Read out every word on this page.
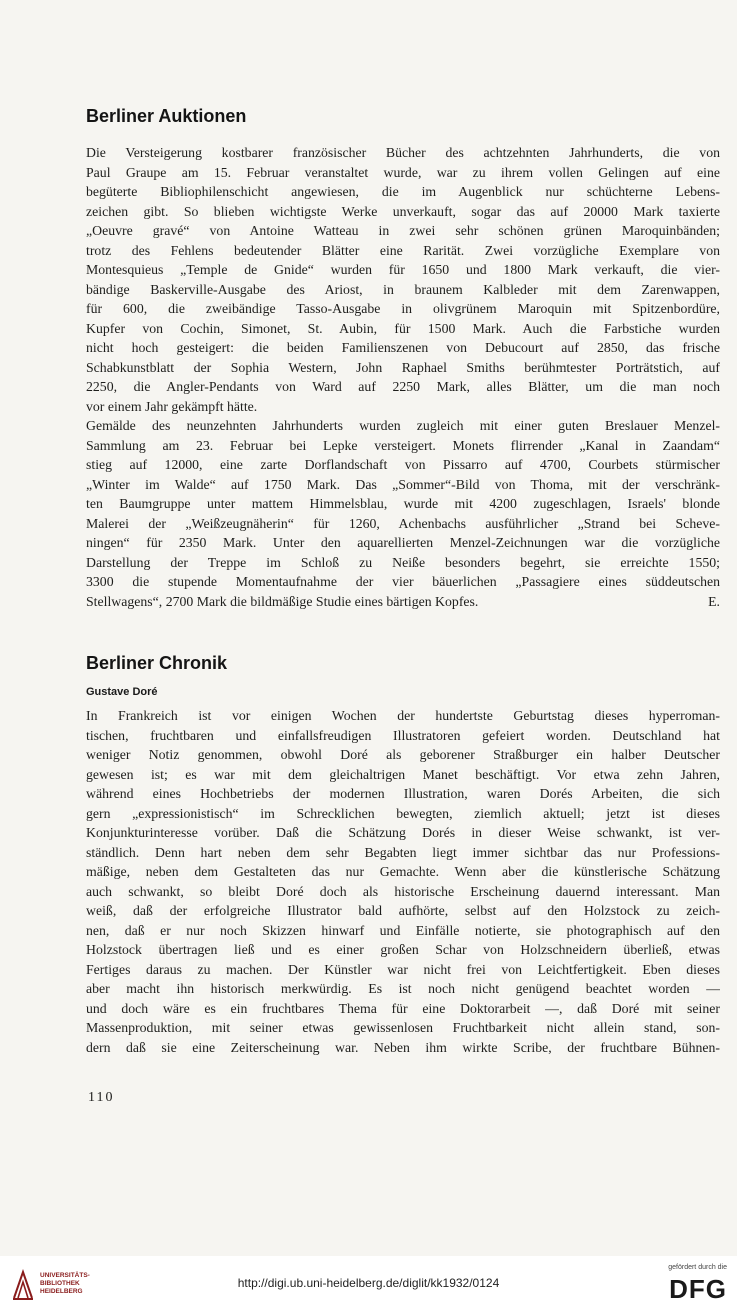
Berliner Auktionen
Die Versteigerung kostbarer französischer Bücher des achtzehnten Jahrhunderts, die von
Paul Graupe am 15. Februar veranstaltet wurde, war zu ihrem vollen Gelingen auf eine
begüterte Bibliophilenschicht angewiesen, die im Augenblick nur schüchterne Lebens-
zeichen gibt. So blieben wichtigste Werke unverkauft, sogar das auf 20000 Mark taxierte
„Oeuvre gravé“ von Antoine Watteau in zwei sehr schönen grünen Maroquinbänden;
trotz des Fehlens bedeutender Blätter eine Rarität. Zwei vorzügliche Exemplare von
Montesquieus „Temple de Gnide“ wurden für 1650 und 1800 Mark verkauft, die vier-
bändige Baskerville-Ausgabe des Ariost, in braunem Kalbleder mit dem Zarenwappen,
für 600, die zweibändige Tasso-Ausgabe in olivgrünem Maroquin mit Spitzenbordüre,
Kupfer von Cochin, Simonet, St. Aubin, für 1500 Mark. Auch die Farbstiche wurden
nicht hoch gesteigert: die beiden Familienszenen von Debucourt auf 2850, das frische
Schabkunstblatt der Sophia Western, John Raphael Smiths berühmtester Porträtstich, auf
2250, die Angler-Pendants von Ward auf 2250 Mark, alles Blätter, um die man noch
vor einem Jahr gekämpft hätte.
Gemälde des neunzehnten Jahrhunderts wurden zugleich mit einer guten Breslauer Menzel-
Sammlung am 23. Februar bei Lepke versteigert. Monets flirrender „Kanal in Zaandam“
stieg auf 12000, eine zarte Dorflandschaft von Pissarro auf 4700, Courbets stürmischer
„Winter im Walde“ auf 1750 Mark. Das „Sommer“-Bild von Thoma, mit der verschränk-
ten Baumgruppe unter mattem Himmelsblau, wurde mit 4200 zugeschlagen, Israels' blonde
Malerei der „Weißzeugnäherin“ für 1260, Achenbachs ausführlicher „Strand bei Scheve-
ningen“ für 2350 Mark. Unter den aquarellierten Menzel-Zeichnungen war die vorzügliche
Darstellung der Treppe im Schloß zu Neiße besonders begehrt, sie erreichte 1550;
3300 die stupende Momentaufnahme der vier bäuerlichen „Passagiere eines süddeutschen
Stellwagens“, 2700 Mark die bildmäßige Studie eines bärtigen Kopfes.	E.
Berliner Chronik
Gustave Doré
In Frankreich ist vor einigen Wochen der hundertste Geburtstag dieses hyperroman-
tischen, fruchtbaren und einfallsfreudigen Illustratoren gefeiert worden. Deutschland hat
weniger Notiz genommen, obwohl Doré als geborener Straßburger ein halber Deutscher
gewesen ist; es war mit dem gleichaltrigen Manet beschäftigt. Vor etwa zehn Jahren,
während eines Hochbetriebs der modernen Illustration, waren Dorés Arbeiten, die sich
gern „expressionistisch“ im Schrecklichen bewegten, ziemlich aktuell; jetzt ist dieses
Konjunkturinteresse vorüber. Daß die Schätzung Dorés in dieser Weise schwankt, ist ver-
ständlich. Denn hart neben dem sehr Begabten liegt immer sichtbar das nur Professions-
mäßige, neben dem Gestalteten das nur Gemachte. Wenn aber die künstlerische Schätzung
auch schwankt, so bleibt Doré doch als historische Erscheinung dauernd interessant. Man
weiß, daß der erfolgreiche Illustrator bald aufhörte, selbst auf den Holzstock zu zeich-
nen, daß er nur noch Skizzen hinwarf und Einfälle notierte, sie photographisch auf den
Holzstock übertragen ließ und es einer großen Schar von Holzschneidern überließ, etwas
Fertiges daraus zu machen. Der Künstler war nicht frei von Leichtfertigkeit. Eben dieses
aber macht ihn historisch merkwürdig. Es ist noch nicht genügend beachtet worden —
und doch wäre es ein fruchtbares Thema für eine Doktorarbeit —, daß Doré mit seiner
Massenproduktion, mit seiner etwas gewissenlosen Fruchtbarkeit nicht allein stand, son-
dern daß sie eine Zeiterscheinung war. Neben ihm wirkte Scribe, der fruchtbare Bühnen-
110
UNIVERSITÄTS-
BIBLIOTHEK
HEIDELBERG
http://digi.ub.uni-heidelberg.de/diglit/kk1932/0124
gefördert durch die
DFG
